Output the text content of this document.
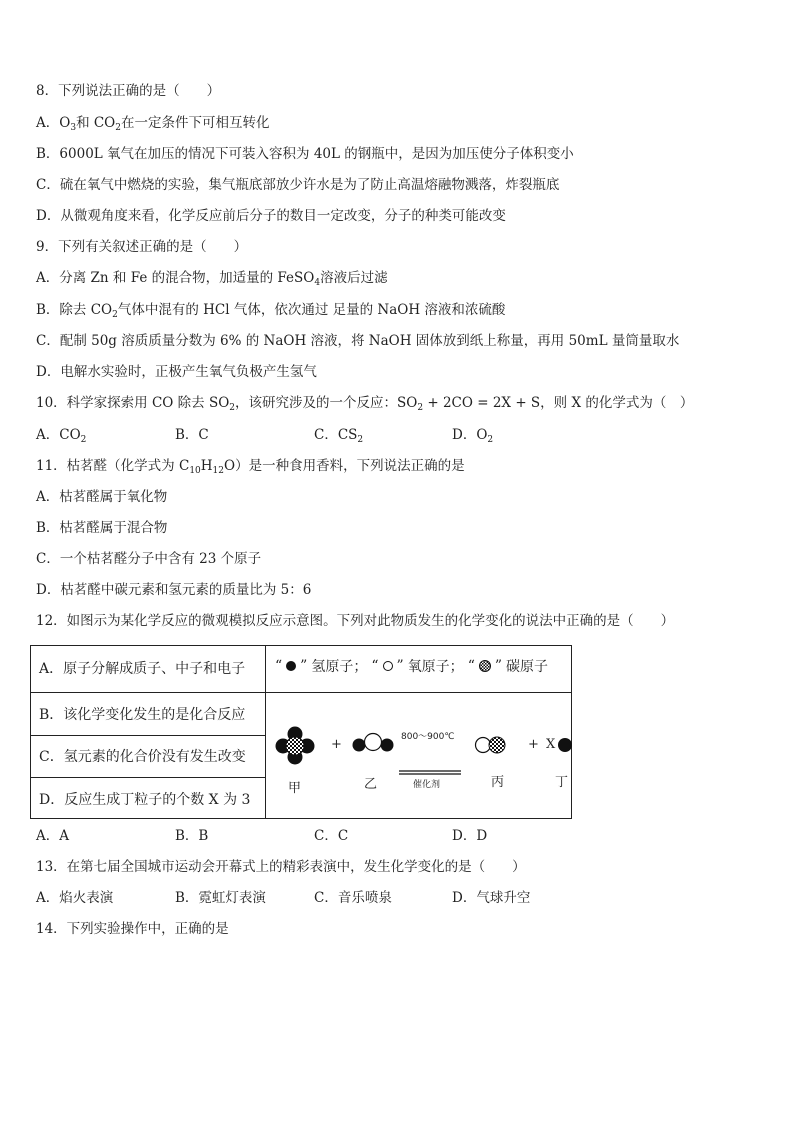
8．下列说法正确的是（　　）
A．$O_3$和 $CO_2$在一定条件下可相互转化
B．6000L 氧气在加压的情况下可装入容积为 40L 的钢瓶中，是因为加压使分子体积变小
C．硫在氧气中燃烧的实验，集气瓶底部放少许水是为了防止高温熔融物溅落，炸裂瓶底
D．从微观角度来看，化学反应前后分子的数目一定改变，分子的种类可能改变
9．下列有关叙述正确的是（　　）
A．分离 Zn 和 Fe 的混合物，加适量的 FeSO$_4$溶液后过滤
B．除去 $CO_2$气体中混有的 HCl 气体，依次通过 足量的 NaOH 溶液和浓硫酸
C．配制 50g 溶质质量分数为 6% 的 NaOH 溶液，将 NaOH 固体放到纸上称量，再用 50mL 量筒量取水
D．电解水实验时，正极产生氧气负极产生氢气
10．科学家探索用 CO 除去 $SO_2$，该研究涉及的一个反应：$SO_2 + 2CO = 2X + S$，则 X 的化学式为（　）
A．$CO_2$	B．C	C．$CS_2$	D．$O_2$
11．枯茗醛（化学式为 $C_{10}H_{12}O$）是一种食用香料，下列说法正确的是
A．枯茗醛属于氧化物
B．枯茗醛属于混合物
C．一个枯茗醛分子中含有 23 个原子
D．枯茗醛中碳元素和氢元素的质量比为 5：6
12．如图示为某化学反应的微观模拟反应示意图。下列对此物质发生的化学变化的说法中正确的是（　　）
A．原子分解成质子、中子和电子
B．该化学变化发生的是化合反应
C．氢元素的化合价没有发生改变
D．反应生成丁粒子的个数 X 为 3
“ ” 氢原子； “ ” 氧原子； “ ” 碳原子
+	800～900℃
催化剂
+ X
甲	乙	丙	丁
A．A	B．B	C．C	D．D
13．在第七届全国城市运动会开幕式上的精彩表演中，发生化学变化的是（　　）
A．焰火表演	B．霓虹灯表演	C．音乐喷泉	D．气球升空
14．下列实验操作中，正确的是
